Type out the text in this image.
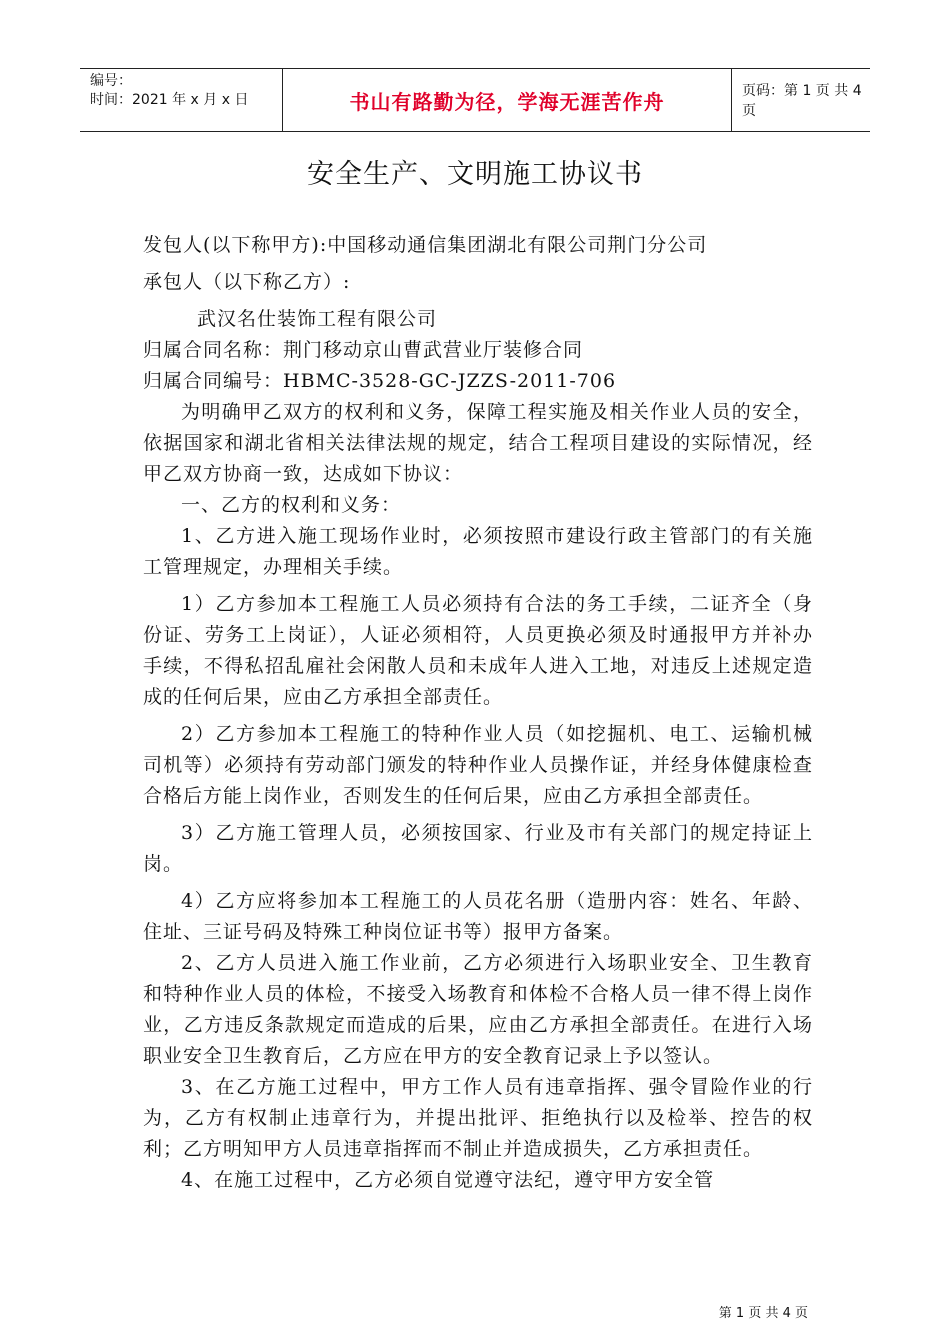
编号：
时间：2021 年 x 月 x 日	书山有路勤为径，学海无涯苦作舟	页码：第 1 页 共 4 页
安全生产、文明施工协议书

发包人(以下称甲方):中国移动通信集团湖北有限公司荆门分公司

承包人（以下称乙方）:

武汉名仕装饰工程有限公司

归属合同名称：荆门移动京山曹武营业厅装修合同

归属合同编号：HBMC-3528-GC-JZZS-2011-706

为明确甲乙双方的权利和义务，保障工程实施及相关作业人员的安全，依据国家和湖北省相关法律法规的规定，结合工程项目建设的实际情况，经甲乙双方协商一致，达成如下协议：

一、乙方的权利和义务：

1、乙方进入施工现场作业时，必须按照市建设行政主管部门的有关施工管理规定，办理相关手续。

1）乙方参加本工程施工人员必须持有合法的务工手续，二证齐全（身份证、劳务工上岗证），人证必须相符，人员更换必须及时通报甲方并补办手续，不得私招乱雇社会闲散人员和未成年人进入工地，对违反上述规定造成的任何后果，应由乙方承担全部责任。

2）乙方参加本工程施工的特种作业人员（如挖掘机、电工、运输机械司机等）必须持有劳动部门颁发的特种作业人员操作证，并经身体健康检查合格后方能上岗作业，否则发生的任何后果，应由乙方承担全部责任。

3）乙方施工管理人员，必须按国家、行业及市有关部门的规定持证上岗。

4）乙方应将参加本工程施工的人员花名册（造册内容：姓名、年龄、住址、三证号码及特殊工种岗位证书等）报甲方备案。

2、乙方人员进入施工作业前，乙方必须进行入场职业安全、卫生教育和特种作业人员的体检，不接受入场教育和体检不合格人员一律不得上岗作业，乙方违反条款规定而造成的后果，应由乙方承担全部责任。在进行入场职业安全卫生教育后，乙方应在甲方的安全教育记录上予以签认。

3、在乙方施工过程中，甲方工作人员有违章指挥、强令冒险作业的行为，乙方有权制止违章行为，并提出批评、拒绝执行以及检举、控告的权利；乙方明知甲方人员违章指挥而不制止并造成损失，乙方承担责任。

4、在施工过程中，乙方必须自觉遵守法纪，遵守甲方安全管

第 1 页 共 4 页
